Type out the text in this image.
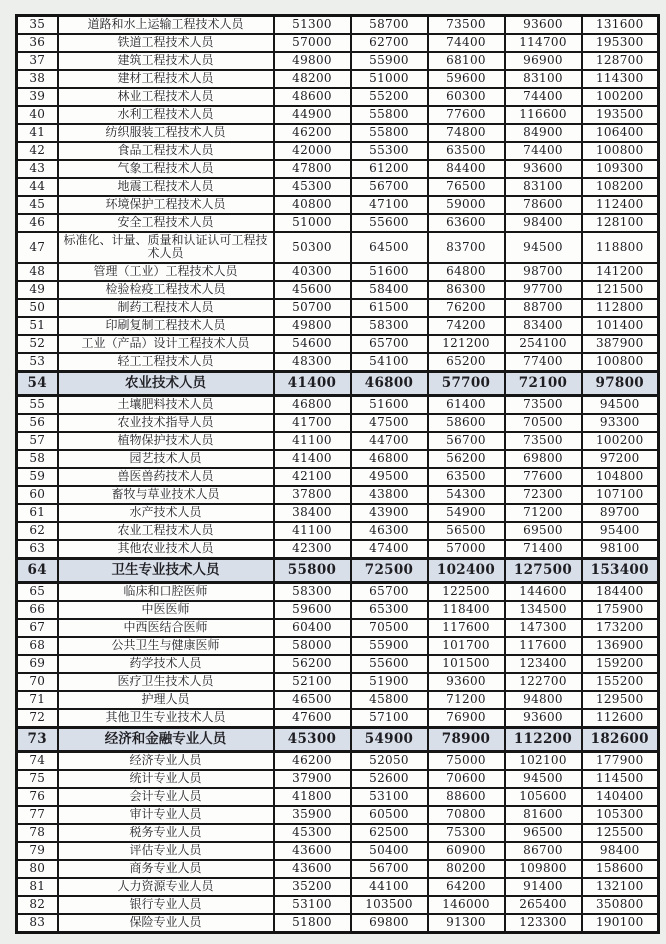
35	道路和水上运输工程技术人员	51300	58700	73500	93600	131600
36	铁道工程技术人员	57000	62700	74400	114700	195300
37	建筑工程技术人员	49800	55900	68100	96900	128700
38	建材工程技术人员	48200	51000	59600	83100	114300
39	林业工程技术人员	48600	55200	60300	74400	100200
40	水利工程技术人员	44900	55800	77600	116600	193500
41	纺织服装工程技术人员	46200	55800	74800	84900	106400
42	食品工程技术人员	42000	55300	63500	74400	100800
43	气象工程技术人员	47800	61200	84400	93600	109300
44	地震工程技术人员	45300	56700	76500	83100	108200
45	环境保护工程技术人员	40800	47100	59000	78600	112400
46	安全工程技术人员	51000	55600	63600	98400	128100
47	标准化、计量、质量和认证认可工程技术人员	50300	64500	83700	94500	118800
48	管理（工业）工程技术人员	40300	51600	64800	98700	141200
49	检验检疫工程技术人员	45600	58400	86300	97700	121500
50	制药工程技术人员	50700	61500	76200	88700	112800
51	印刷复制工程技术人员	49800	58300	74200	83400	101400
52	工业（产品）设计工程技术人员	54600	65700	121200	254100	387900
53	轻工工程技术人员	48300	54100	65200	77400	100800
54	农业技术人员	41400	46800	57700	72100	97800
55	土壤肥料技术人员	46800	51600	61400	73500	94500
56	农业技术指导人员	41700	47500	58600	70500	93300
57	植物保护技术人员	41100	44700	56700	73500	100200
58	园艺技术人员	41400	46800	56200	69800	97200
59	兽医兽药技术人员	42100	49500	63500	77600	104800
60	畜牧与草业技术人员	37800	43800	54300	72300	107100
61	水产技术人员	38400	43900	54900	71200	89700
62	农业工程技术人员	41100	46300	56500	69500	95400
63	其他农业技术人员	42300	47400	57000	71400	98100
64	卫生专业技术人员	55800	72500	102400	127500	153400
65	临床和口腔医师	58300	65700	122500	144600	184400
66	中医医师	59600	65300	118400	134500	175900
67	中西医结合医师	60400	70500	117600	147300	173200
68	公共卫生与健康医师	58000	55900	101700	117600	136900
69	药学技术人员	56200	55600	101500	123400	159200
70	医疗卫生技术人员	52100	51900	93600	122700	155200
71	护理人员	46500	45800	71200	94800	129500
72	其他卫生专业技术人员	47600	57100	76900	93600	112600
73	经济和金融专业人员	45300	54900	78900	112200	182600
74	经济专业人员	46200	52050	75000	102100	177900
75	统计专业人员	37900	52600	70600	94500	114500
76	会计专业人员	41800	53100	88600	105600	140400
77	审计专业人员	35900	60500	70800	81600	105300
78	税务专业人员	45300	62500	75300	96500	125500
79	评估专业人员	43600	50400	60900	86700	98400
80	商务专业人员	43600	56700	80200	109800	158600
81	人力资源专业人员	35200	44100	64200	91400	132100
82	银行专业人员	53100	103500	146000	265400	350800
83	保险专业人员	51800	69800	91300	123300	190100
